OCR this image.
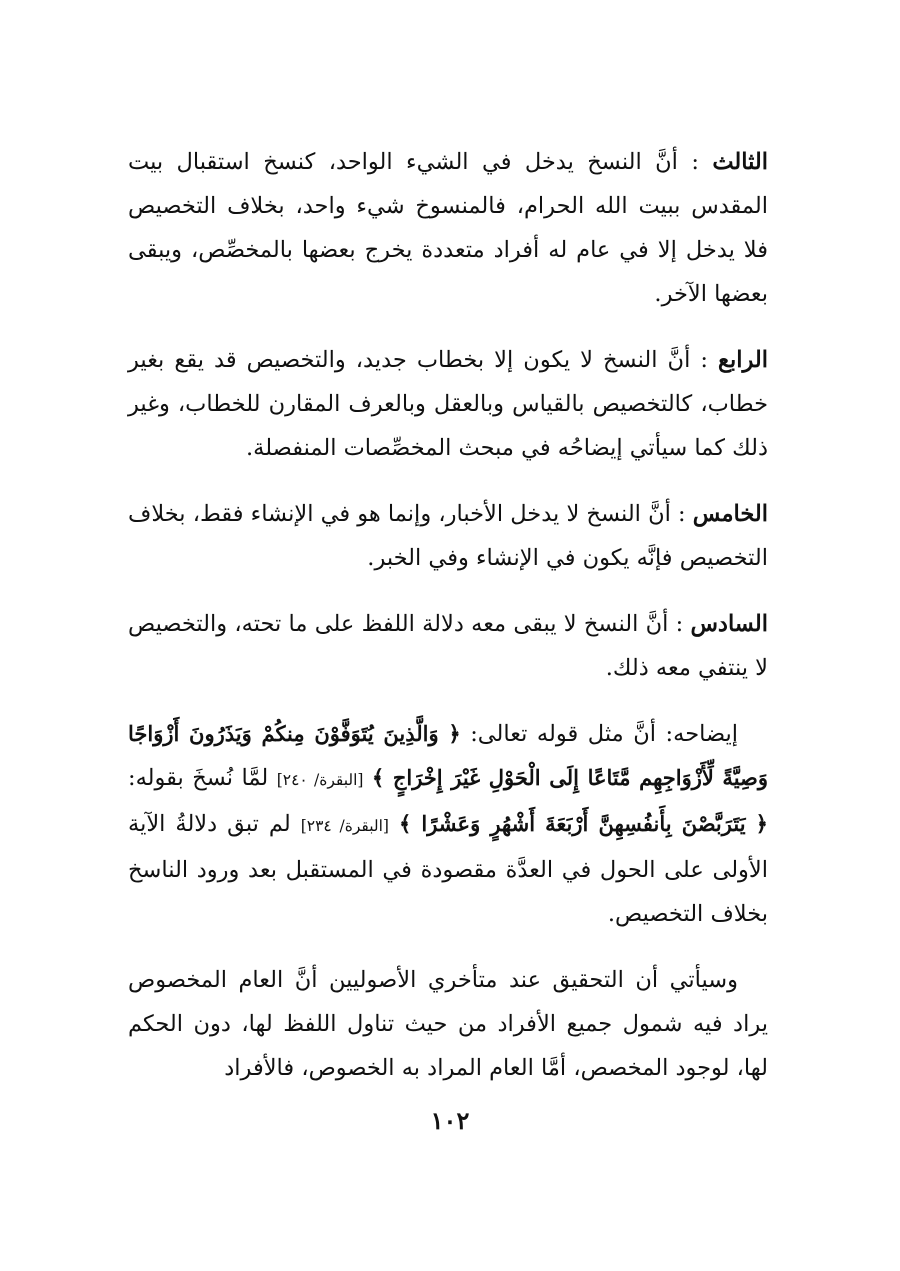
الثالث : أنَّ النسخ يدخل في الشيء الواحد، كنسخ استقبال بيت المقدس ببيت الله الحرام، فالمنسوخ شيء واحد، بخلاف التخصيص فلا يدخل إلا في عام له أفراد متعددة يخرج بعضها بالمخصِّص، ويبقى بعضها الآخر.

الرابع : أنَّ النسخ لا يكون إلا بخطاب جديد، والتخصيص قد يقع بغير خطاب، كالتخصيص بالقياس وبالعقل وبالعرف المقارن للخطاب، وغير ذلك كما سيأتي إيضاحُه في مبحث المخصِّصات المنفصلة.

الخامس : أنَّ النسخ لا يدخل الأخبار، وإنما هو في الإنشاء فقط، بخلاف التخصيص فإنَّه يكون في الإنشاء وفي الخبر.

السادس : أنَّ النسخ لا يبقى معه دلالة اللفظ على ما تحته، والتخصيص لا ينتفي معه ذلك.

إيضاحه: أنَّ مثل قوله تعالى: ﴿ وَالَّذِينَ يُتَوَفَّوْنَ مِنكُمْ وَيَذَرُونَ أَزْوَاجًا وَصِيَّةً لِّأَزْوَاجِهِم مَّتَاعًا إِلَى الْحَوْلِ غَيْرَ إِخْرَاجٍ ﴾ [البقرة/ ٢٤٠] لمَّا نُسخَ بقوله: ﴿ يَتَرَبَّصْنَ بِأَنفُسِهِنَّ أَرْبَعَةَ أَشْهُرٍ وَعَشْرًا ﴾ [البقرة/ ٢٣٤] لم تبق دلالةُ الآية الأولى على الحول في العدَّة مقصودة في المستقبل بعد ورود الناسخ بخلاف التخصيص.

وسيأتي أن التحقيق عند متأخري الأصوليين أنَّ العام المخصوص يراد فيه شمول جميع الأفراد من حيث تناول اللفظ لها، دون الحكم لها، لوجود المخصص، أمَّا العام المراد به الخصوص، فالأفراد

١٠٢
